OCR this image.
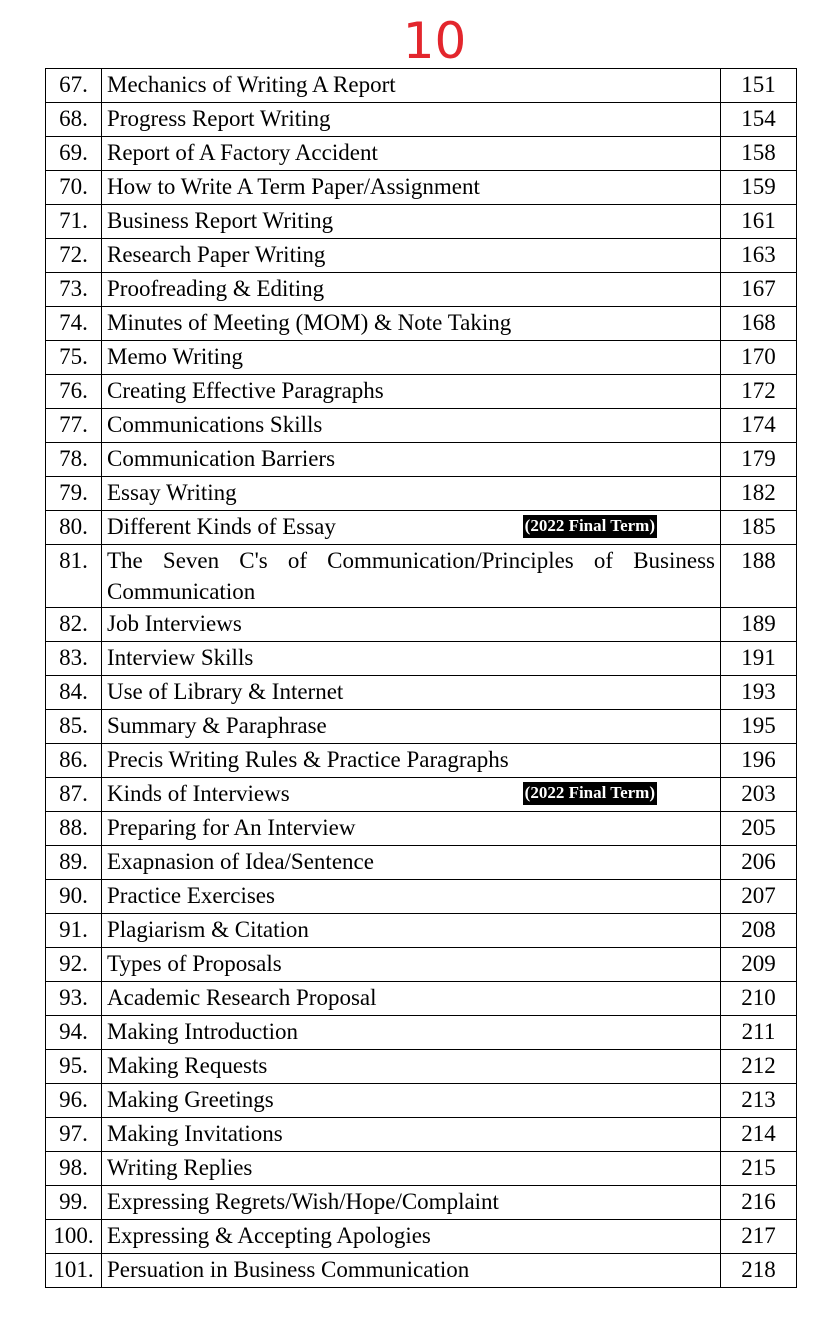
10
67.	Mechanics of Writing A Report	151
68.	Progress Report Writing	154
69.	Report of A Factory Accident	158
70.	How to Write A Term Paper/Assignment	159
71.	Business Report Writing	161
72.	Research Paper Writing	163
73.	Proofreading & Editing	167
74.	Minutes of Meeting (MOM) & Note Taking	168
75.	Memo Writing	170
76.	Creating Effective Paragraphs	172
77.	Communications Skills	174
78.	Communication Barriers	179
79.	Essay Writing	182
80.	Different Kinds of Essay (2022 Final Term)	185
81.	The Seven C's of Communication/Principles of Business Communication	188
82.	Job Interviews	189
83.	Interview Skills	191
84.	Use of Library & Internet	193
85.	Summary & Paraphrase	195
86.	Precis Writing Rules & Practice Paragraphs	196
87.	Kinds of Interviews (2022 Final Term)	203
88.	Preparing for An Interview	205
89.	Exapnasion of Idea/Sentence	206
90.	Practice Exercises	207
91.	Plagiarism & Citation	208
92.	Types of Proposals	209
93.	Academic Research Proposal	210
94.	Making Introduction	211
95.	Making Requests	212
96.	Making Greetings	213
97.	Making Invitations	214
98.	Writing Replies	215
99.	Expressing Regrets/Wish/Hope/Complaint	216
100.	Expressing & Accepting Apologies	217
101.	Persuation in Business Communication	218
